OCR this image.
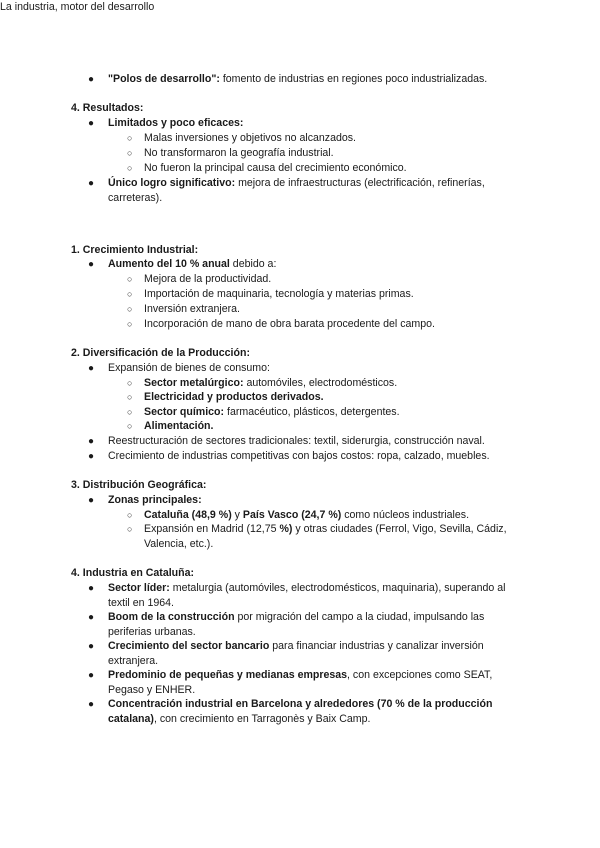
● "Polos de desarrollo": fomento de industrias en regiones poco industrializadas.
4. Resultados:
● Limitados y poco eficaces:
○ Malas inversiones y objetivos no alcanzados.
○ No transformaron la geografía industrial.
○ No fueron la principal causa del crecimiento económico.
● Único logro significativo: mejora de infraestructuras (electrificación, refinerías,
carreteras).
La industria, motor del desarrollo
1. Crecimiento Industrial:
● Aumento del 10 % anual debido a:
○ Mejora de la productividad.
○ Importación de maquinaria, tecnología y materias primas.
○ Inversión extranjera.
○ Incorporación de mano de obra barata procedente del campo.
2. Diversificación de la Producción:
● Expansión de bienes de consumo:
○ Sector metalúrgico: automóviles, electrodomésticos.
○ Electricidad y productos derivados.
○ Sector químico: farmacéutico, plásticos, detergentes.
○ Alimentación.
● Reestructuración de sectores tradicionales: textil, siderurgia, construcción naval.
● Crecimiento de industrias competitivas con bajos costos: ropa, calzado, muebles.
3. Distribución Geográfica:
● Zonas principales:
○ Cataluña (48,9 %) y País Vasco (24,7 %) como núcleos industriales.
○ Expansión en Madrid (12,75 %) y otras ciudades (Ferrol, Vigo, Sevilla, Cádiz,
Valencia, etc.).
4. Industria en Cataluña:
● Sector líder: metalurgia (automóviles, electrodomésticos, maquinaria), superando al
textil en 1964.
● Boom de la construcción por migración del campo a la ciudad, impulsando las
periferias urbanas.
● Crecimiento del sector bancario para financiar industrias y canalizar inversión
extranjera.
● Predominio de pequeñas y medianas empresas, con excepciones como SEAT,
Pegaso y ENHER.
● Concentración industrial en Barcelona y alrededores (70 % de la producción
catalana), con crecimiento en Tarragonès y Baix Camp.
